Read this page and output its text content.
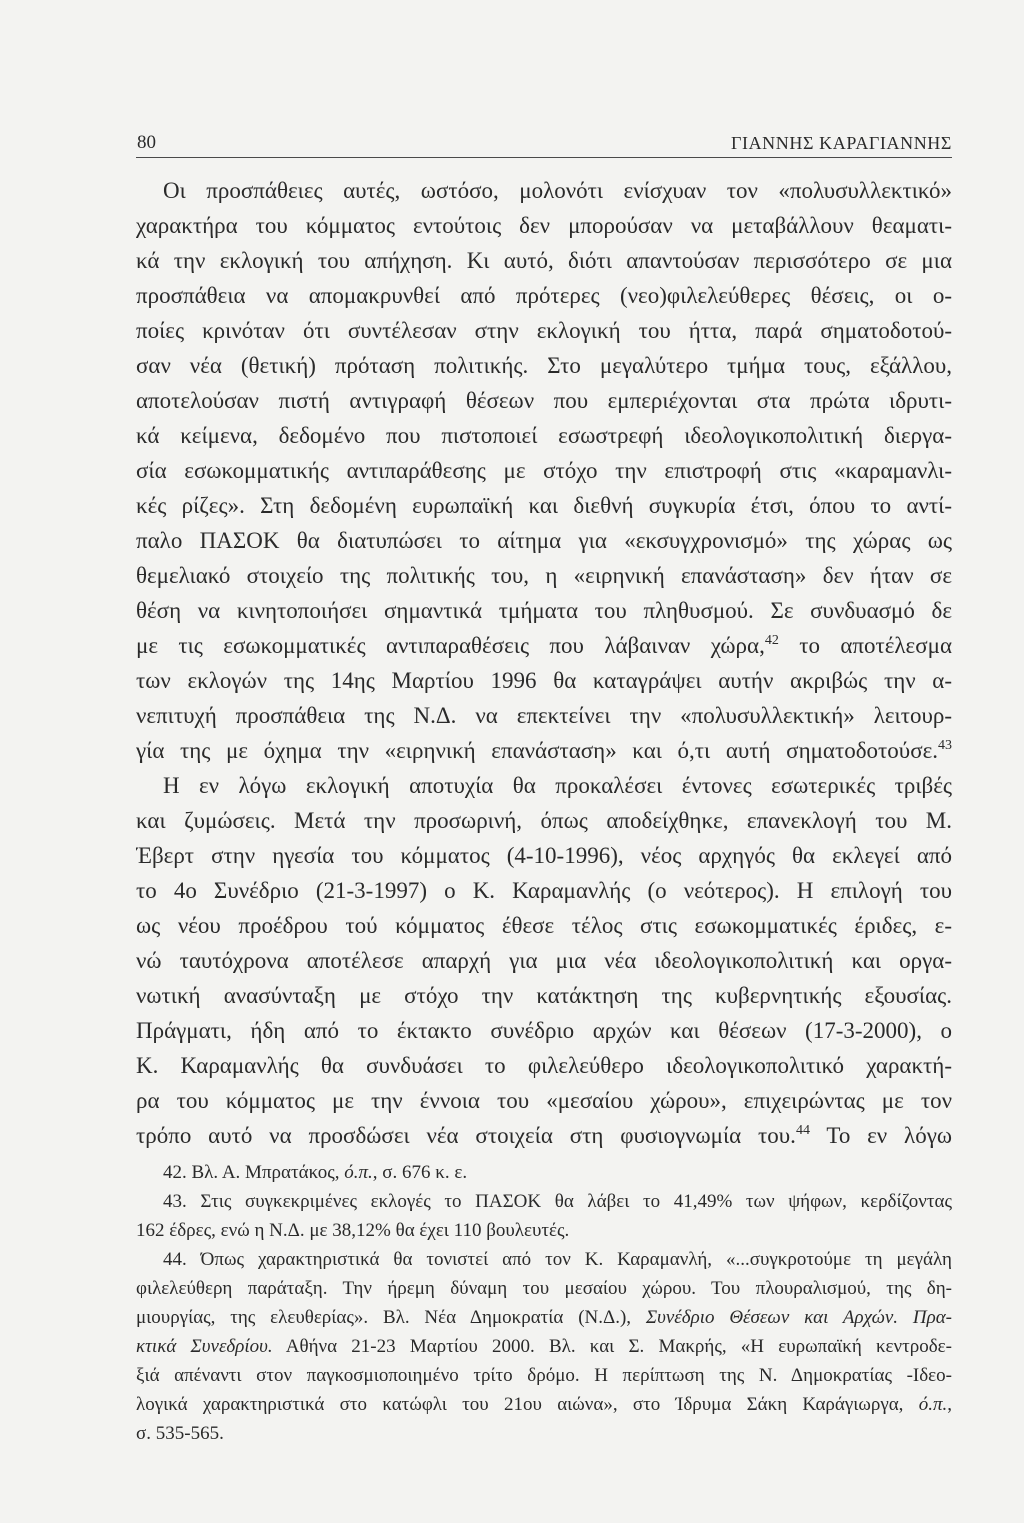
80	ΓΙΑΝΝΗΣ ΚΑΡΑΓΙΑΝΝΗΣ
Οι προσπάθειες αυτές, ωστόσο, μολονότι ενίσχυαν τον «πολυσυλλεκτικό»
χαρακτήρα του κόμματος εντούτοις δεν μπορούσαν να μεταβάλλουν θεαματι-
κά την εκλογική του απήχηση. Κι αυτό, διότι απαντούσαν περισσότερο σε μια
προσπάθεια να απομακρυνθεί από πρότερες (νεο)φιλελεύθερες θέσεις, οι ο-
ποίες κρινόταν ότι συντέλεσαν στην εκλογική του ήττα, παρά σηματοδοτού-
σαν νέα (θετική) πρόταση πολιτικής. Στο μεγαλύτερο τμήμα τους, εξάλλου,
αποτελούσαν πιστή αντιγραφή θέσεων που εμπεριέχονται στα πρώτα ιδρυτι-
κά κείμενα, δεδομένο που πιστοποιεί εσωστρεφή ιδεολογικοπολιτική διεργα-
σία εσωκομματικής αντιπαράθεσης με στόχο την επιστροφή στις «καραμανλι-
κές ρίζες». Στη δεδομένη ευρωπαϊκή και διεθνή συγκυρία έτσι, όπου το αντί-
παλο ΠΑΣΟΚ θα διατυπώσει το αίτημα για «εκσυγχρονισμό» της χώρας ως
θεμελιακό στοιχείο της πολιτικής του, η «ειρηνική επανάσταση» δεν ήταν σε
θέση να κινητοποιήσει σημαντικά τμήματα του πληθυσμού. Σε συνδυασμό δε
με τις εσωκομματικές αντιπαραθέσεις που λάβαιναν χώρα,$^{42}$ το αποτέλεσμα
των εκλογών της 14ης Μαρτίου 1996 θα καταγράψει αυτήν ακριβώς την α-
νεπιτυχή προσπάθεια της Ν.Δ. να επεκτείνει την «πολυσυλλεκτική» λειτουρ-
γία της με όχημα την «ειρηνική επανάσταση» και ό,τι αυτή σηματοδοτούσε.$^{43}$
Η εν λόγω εκλογική αποτυχία θα προκαλέσει έντονες εσωτερικές τριβές
και ζυμώσεις. Μετά την προσωρινή, όπως αποδείχθηκε, επανεκλογή του Μ.
Έβερτ στην ηγεσία του κόμματος (4-10-1996), νέος αρχηγός θα εκλεγεί από
το 4ο Συνέδριο (21-3-1997) ο Κ. Καραμανλής (ο νεότερος). Η επιλογή του
ως νέου προέδρου τού κόμματος έθεσε τέλος στις εσωκομματικές έριδες, ε-
νώ ταυτόχρονα αποτέλεσε απαρχή για μια νέα ιδεολογικοπολιτική και οργα-
νωτική ανασύνταξη με στόχο την κατάκτηση της κυβερνητικής εξουσίας.
Πράγματι, ήδη από το έκτακτο συνέδριο αρχών και θέσεων (17-3-2000), ο
Κ. Καραμανλής θα συνδυάσει το φιλελεύθερο ιδεολογικοπολιτικό χαρακτή-
ρα του κόμματος με την έννοια του «μεσαίου χώρου», επιχειρώντας με τον
τρόπο αυτό να προσδώσει νέα στοιχεία στη φυσιογνωμία του.$^{44}$ Το εν λόγω
42. Βλ. Α. Μπρατάκος, ό.π., σ. 676 κ. ε.
43. Στις συγκεκριμένες εκλογές το ΠΑΣΟΚ θα λάβει το 41,49% των ψήφων, κερδίζοντας
162 έδρες, ενώ η Ν.Δ. με 38,12% θα έχει 110 βουλευτές.
44. Όπως χαρακτηριστικά θα τονιστεί από τον Κ. Καραμανλή, «...συγκροτούμε τη μεγάλη
φιλελεύθερη παράταξη. Την ήρεμη δύναμη του μεσαίου χώρου. Του πλουραλισμού, της δη-
μιουργίας, της ελευθερίας». Βλ. Νέα Δημοκρατία (Ν.Δ.), Συνέδριο Θέσεων και Αρχών. Πρα-
κτικά Συνεδρίου. Αθήνα 21-23 Μαρτίου 2000. Βλ. και Σ. Μακρής, «Η ευρωπαϊκή κεντροδε-
ξιά απέναντι στον παγκοσμιοποιημένο τρίτο δρόμο. Η περίπτωση της Ν. Δημοκρατίας -Ιδεο-
λογικά χαρακτηριστικά στο κατώφλι του 21ου αιώνα», στο Ίδρυμα Σάκη Καράγιωργα, ό.π.,
σ. 535-565.
